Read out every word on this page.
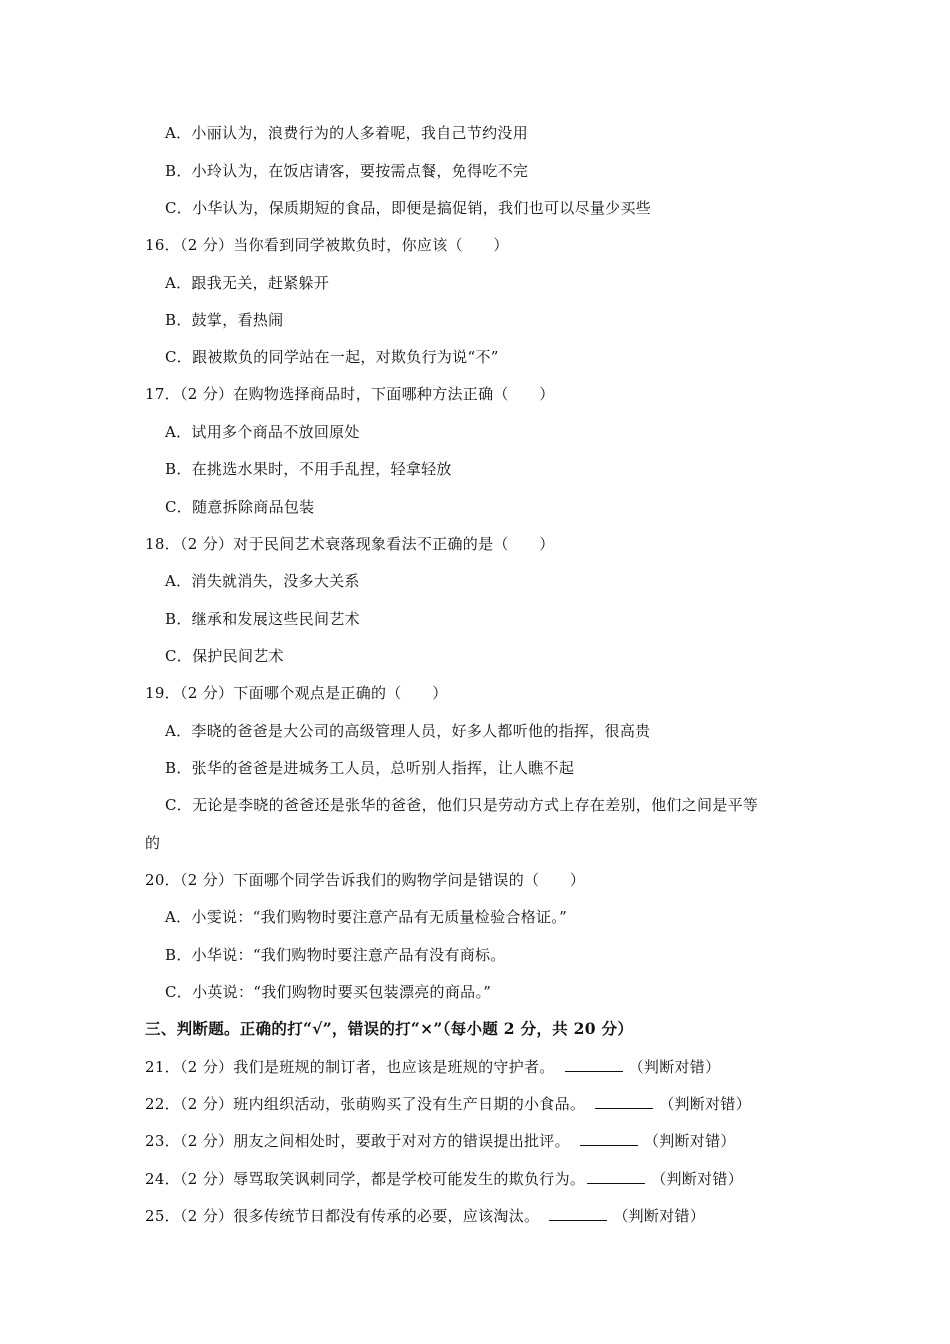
A．小丽认为，浪费行为的人多着呢，我自己节约没用
B．小玲认为，在饭店请客，要按需点餐，免得吃不完
C．小华认为，保质期短的食品，即便是搞促销，我们也可以尽量少买些
16．（2 分）当你看到同学被欺负时，你应该（　　）
A．跟我无关，赶紧躲开
B．鼓掌，看热闹
C．跟被欺负的同学站在一起，对欺负行为说“不”
17．（2 分）在购物选择商品时，下面哪种方法正确（　　）
A．试用多个商品不放回原处
B．在挑选水果时，不用手乱捏，轻拿轻放
C．随意拆除商品包装
18．（2 分）对于民间艺术衰落现象看法不正确的是（　　）
A．消失就消失，没多大关系
B．继承和发展这些民间艺术
C．保护民间艺术
19．（2 分）下面哪个观点是正确的（　　）
A．李晓的爸爸是大公司的高级管理人员，好多人都听他的指挥，很高贵
B．张华的爸爸是进城务工人员，总听别人指挥，让人瞧不起
C．无论是李晓的爸爸还是张华的爸爸，他们只是劳动方式上存在差别，他们之间是平等
的
20．（2 分）下面哪个同学告诉我们的购物学问是错误的（　　）
A．小雯说：“我们购物时要注意产品有无质量检验合格证。”
B．小华说：“我们购物时要注意产品有没有商标。
C．小英说：“我们购物时要买包装漂亮的商品。”
三、判断题。正确的打“√”，错误的打“×”（每小题 2 分，共 20 分）
21．（2 分）我们是班规的制订者，也应该是班规的守护者。	（判断对错）
22．（2 分）班内组织活动，张萌购买了没有生产日期的小食品。	（判断对错）
23．（2 分）朋友之间相处时，要敢于对对方的错误提出批评。	（判断对错）
24．（2 分）辱骂取笑讽刺同学，都是学校可能发生的欺负行为。	（判断对错）
25．（2 分）很多传统节日都没有传承的必要，应该淘汰。	（判断对错）
